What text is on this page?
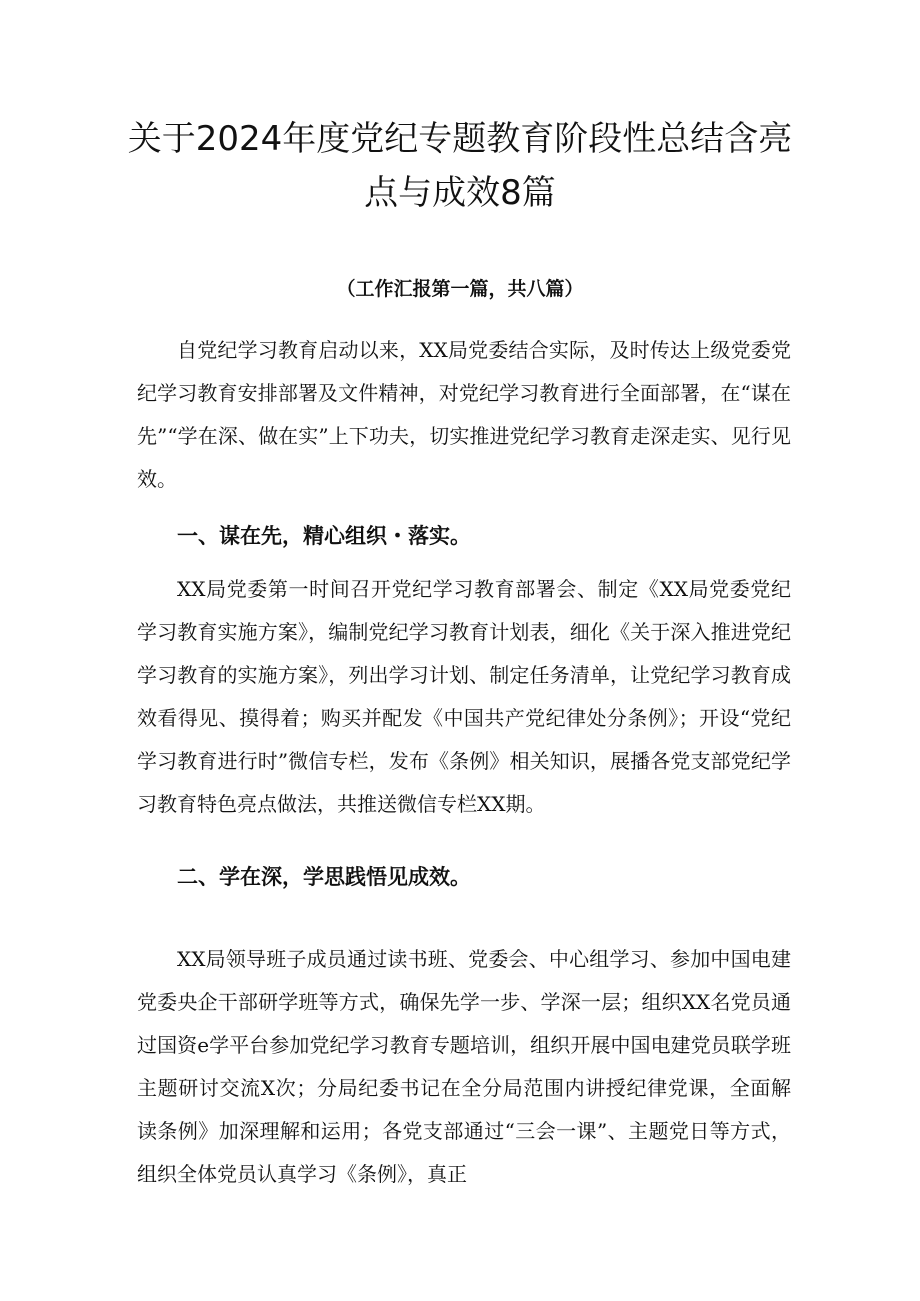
关于2024年度党纪专题教育阶段性总结含亮点与成效8篇

（工作汇报第一篇，共八篇）

自党纪学习教育启动以来，XX局党委结合实际，及时传达上级党委党纪学习教育安排部署及文件精神，对党纪学习教育进行全面部署，在“谋在先”“学在深、做在实”上下功夫，切实推进党纪学习教育走深走实、见行见效。

一、谋在先，精心组织・落实。

XX局党委第一时间召开党纪学习教育部署会、制定《XX局党委党纪学习教育实施方案》，编制党纪学习教育计划表，细化《关于深入推进党纪学习教育的实施方案》，列出学习计划、制定任务清单，让党纪学习教育成效看得见、摸得着；购买并配发《中国共产党纪律处分条例》；开设“党纪学习教育进行时”微信专栏，发布《条例》相关知识，展播各党支部党纪学习教育特色亮点做法，共推送微信专栏XX期。

二、学在深，学思践悟见成效。

XX局领导班子成员通过读书班、党委会、中心组学习、参加中国电建党委央企干部研学班等方式，确保先学一步、学深一层；组织XX名党员通过国资e学平台参加党纪学习教育专题培训，组织开展中国电建党员联学班主题研讨交流X次；分局纪委书记在全分局范围内讲授纪律党课，全面解读条例》加深理解和运用；各党支部通过“三会一课”、主题党日等方式，组织全体党员认真学习《条例》，真正
